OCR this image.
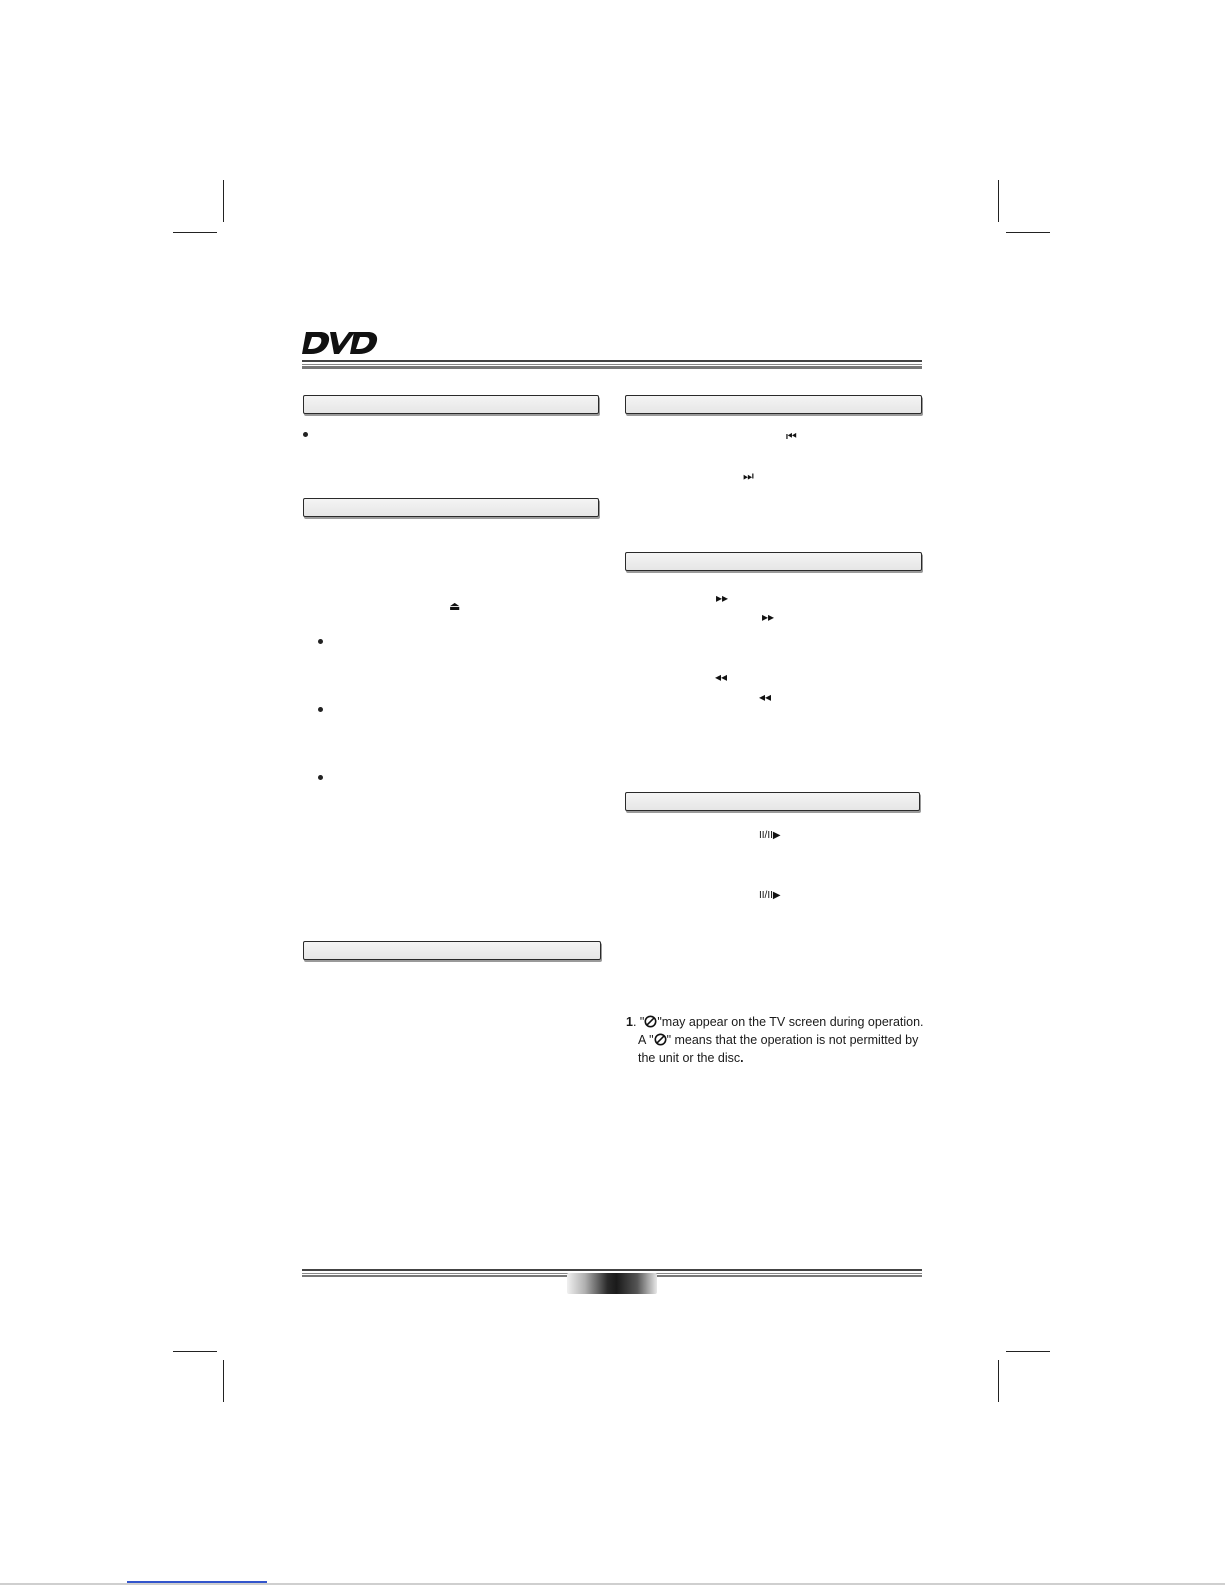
⏏
⏮
⏭
▸▸
▸▸
◂◂
◂◂
II/II▶
II/II▶
1. " "may appear on the TV screen during operation.
A " " means that the operation is not permitted by
the unit or the disc.
